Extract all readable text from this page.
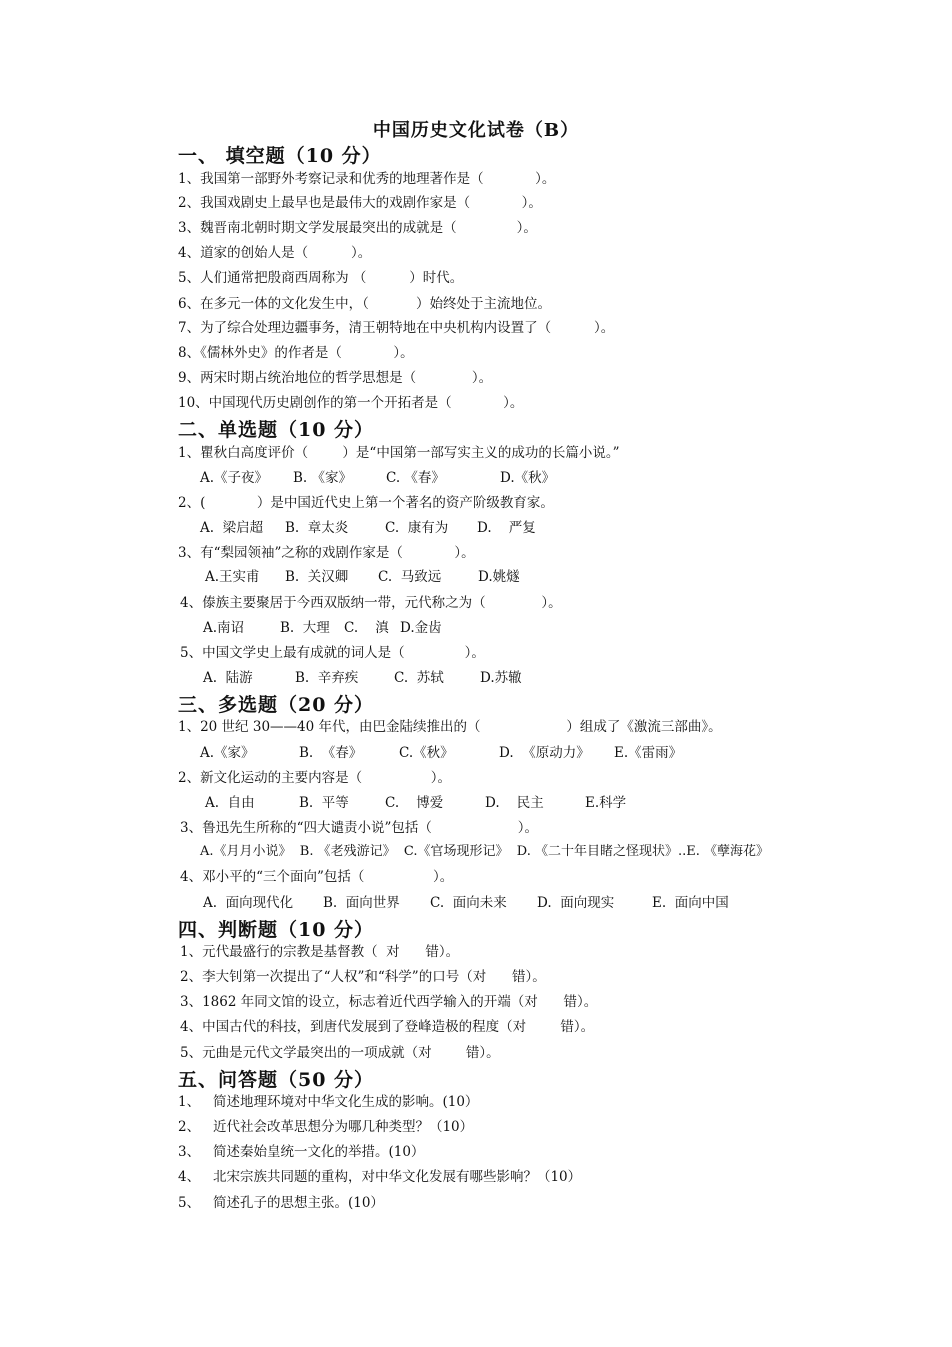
中国历史文化试卷（B）
一、 填空题（10 分）
1、我国第一部野外考察记录和优秀的地理著作是（            ）。
2、我国戏剧史上最早也是最伟大的戏剧作家是（            ）。
3、魏晋南北朝时期文学发展最突出的成就是（              ）。
4、道家的创始人是（          ）。
5、人们通常把殷商西周称为 （          ）时代。
6、在多元一体的文化发生中，（           ）始终处于主流地位。
7、为了综合处理边疆事务，清王朝特地在中央机构内设置了（          ）。
8、《儒林外史》的作者是（            ）。
9、两宋时期占统治地位的哲学思想是（             ）。
10、中国现代历史剧创作的第一个开拓者是（            ）。
二、单选题（10 分）
1、瞿秋白高度评价（        ）是“中国第一部写实主义的成功的长篇小说。”
A.《子夜》 B. 《家》	C. 《春》	D.《秋》
2、(            ）是中国近代史上第一个著名的资产阶级教育家。
A.  梁启超 B.  章太炎	C.  康有为 D.    严复
3、有“梨园领袖”之称的戏剧作家是（            ）。
A.王实甫 B.  关汉卿 C.  马致远	D.姚燧
4、傣族主要聚居于今西双版纳一带，元代称之为（             ）。
A.南诏	B.  大理 C.    滇 D.金齿
5、中国文学史上最有成就的词人是（              ）。
A.  陆游	B.  辛弃疾	C.  苏轼	D.苏辙
三、多选题（20 分）
1、20 世纪 30——40 年代，由巴金陆续推出的（                    ）组成了《激流三部曲》。
A.《家》	B.  《春》	C.《秋》	D.  《原动力》 E.《雷雨》
2、新文化运动的主要内容是（                ）。
A.  自由	B.  平等	C.    博爱	D.    民主	E.科学
3、鲁迅先生所称的“四大谴责小说”包括（                    ）。
A.《月月小说》  B. 《老残游记》  C.《官场现形记》  D. 《二十年目睹之怪现状》..E. 《孽海花》
4、邓小平的“三个面向”包括（                ）。
A.  面向现代化 B.  面向世界 C.  面向未来 D.  面向现实	E.  面向中国
四、判断题（10 分）
1、元代最盛行的宗教是基督教（  对      错）。
2、李大钊第一次提出了“人权”和“科学”的口号（对      错）。
3、1862 年同文馆的设立，标志着近代西学输入的开端（对      错）。
4、中国古代的科技，到唐代发展到了登峰造极的程度（对        错）。
5、元曲是元代文学最突出的一项成就（对        错）。
五、问答题（50 分）
1、   简述地理环境对中华文化生成的影响。(10）
2、   近代社会改革思想分为哪几种类型？（10）
3、   简述秦始皇统一文化的举措。(10）
4、   北宋宗族共同题的重构，对中华文化发展有哪些影响？（10）
5、   简述孔子的思想主张。(10）
